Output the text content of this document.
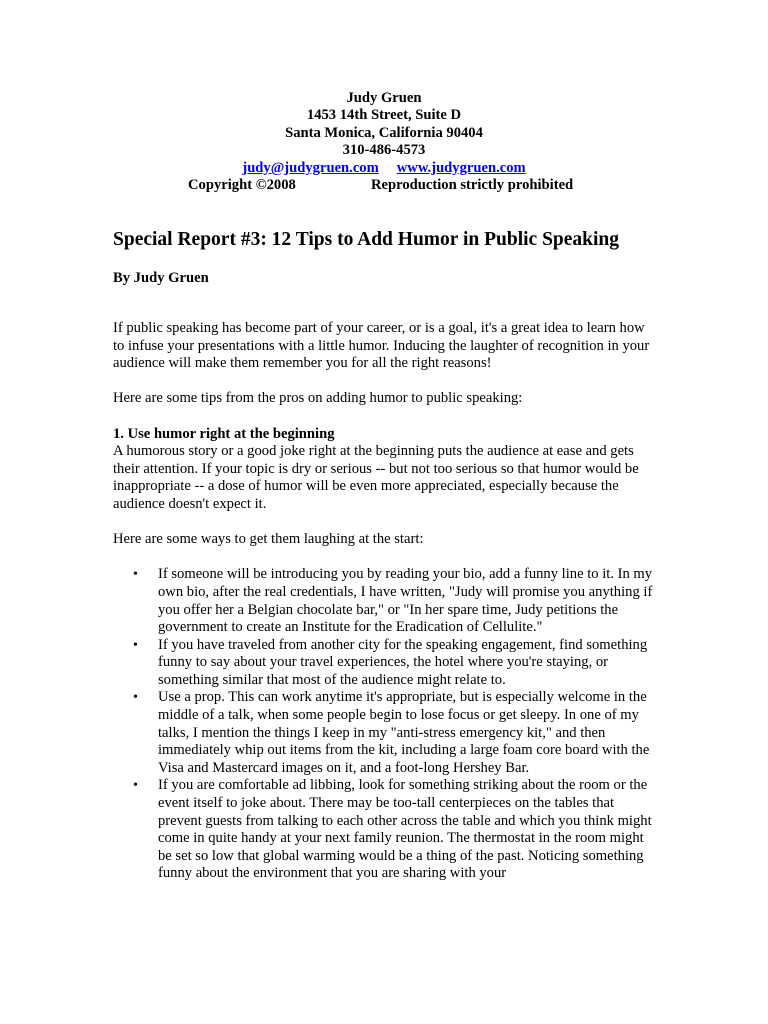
Judy Gruen
1453 14th Street, Suite D
Santa Monica, California 90404
310-486-4573
judy@judygruen.com www.judygruen.com
Copyright ©2008	Reproduction strictly prohibited
Special Report #3: 12 Tips to Add Humor in Public Speaking

By Judy Gruen

If public speaking has become part of your career, or is a goal, it's a great idea to learn how to infuse your presentations with a little humor. Inducing the laughter of recognition in your audience will make them remember you for all the right reasons!

Here are some tips from the pros on adding humor to public speaking:

1. Use humor right at the beginning
A humorous story or a good joke right at the beginning puts the audience at ease and gets their attention. If your topic is dry or serious -- but not too serious so that humor would be inappropriate -- a dose of humor will be even more appreciated, especially because the audience doesn't expect it.

Here are some ways to get them laughing at the start:

• If someone will be introducing you by reading your bio, add a funny line to it. In my own bio, after the real credentials, I have written, "Judy will promise you anything if you offer her a Belgian chocolate bar," or "In her spare time, Judy petitions the government to create an Institute for the Eradication of Cellulite."
• If you have traveled from another city for the speaking engagement, find something funny to say about your travel experiences, the hotel where you're staying, or something similar that most of the audience might relate to.
• Use a prop. This can work anytime it's appropriate, but is especially welcome in the middle of a talk, when some people begin to lose focus or get sleepy. In one of my talks, I mention the things I keep in my "anti-stress emergency kit," and then immediately whip out items from the kit, including a large foam core board with the Visa and Mastercard images on it, and a foot-long Hershey Bar.
• If you are comfortable ad libbing, look for something striking about the room or the event itself to joke about. There may be too-tall centerpieces on the tables that prevent guests from talking to each other across the table and which you think might come in quite handy at your next family reunion. The thermostat in the room might be set so low that global warming would be a thing of the past. Noticing something funny about the environment that you are sharing with your
